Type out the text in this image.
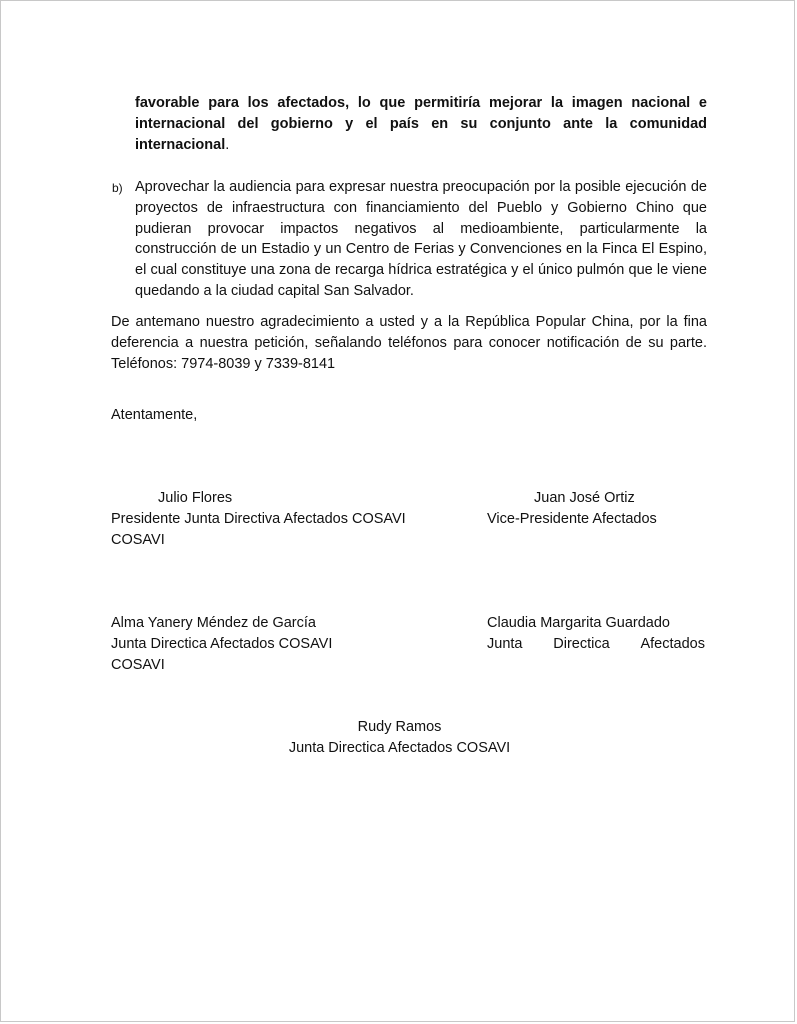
favorable para los afectados, lo que permitiría mejorar la imagen nacional e
internacional del gobierno y el país en su conjunto ante la comunidad internacional.
b) Aprovechar la audiencia para expresar nuestra preocupación por la posible ejecución de
proyectos de infraestructura con financiamiento del Pueblo y Gobierno Chino que
pudieran provocar impactos negativos al medioambiente, particularmente la
construcción de un Estadio y un Centro de Ferias y Convenciones en la Finca El Espino,
el cual constituye una zona de recarga hídrica estratégica y el único pulmón que le viene
quedando a la ciudad capital San Salvador.
De antemano nuestro agradecimiento a usted y a la República Popular China, por la fina
deferencia a nuestra petición, señalando teléfonos para conocer notificación de su parte.
Teléfonos: 7974-8039 y 7339-8141
Atentamente,
Julio Flores
Presidente Junta Directiva Afectados COSAVI
COSAVI
Juan José Ortiz
Vice-Presidente Afectados
Alma Yanery Méndez de García
Junta Directica Afectados COSAVI
COSAVI
Claudia Margarita Guardado
Junta Directica Afectados
Rudy Ramos
Junta Directica Afectados COSAVI
